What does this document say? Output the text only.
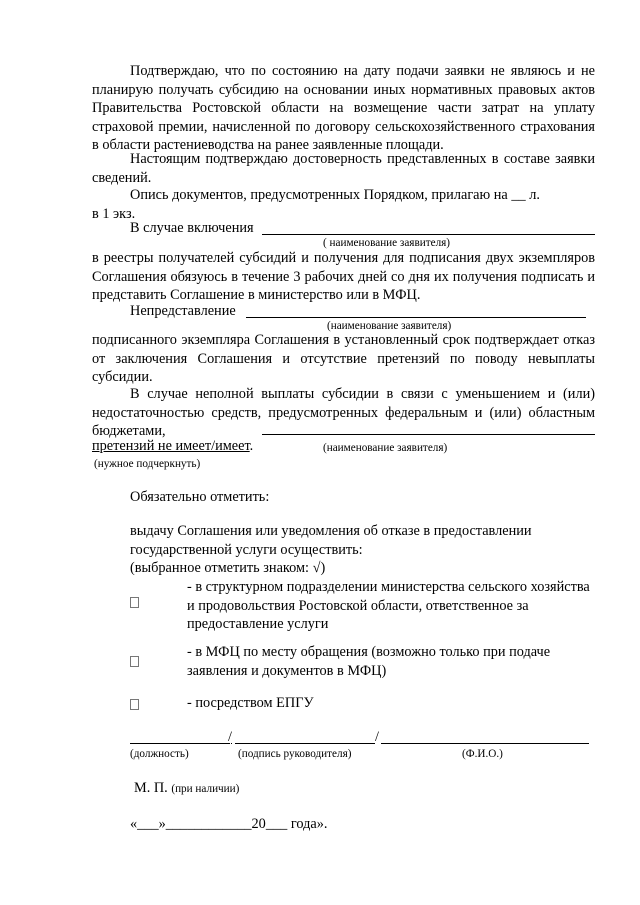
Подтверждаю, что по состоянию на дату подачи заявки не являюсь и не планирую получать субсидию на основании иных нормативных правовых актов Правительства Ростовской области на возмещение части затрат на уплату страховой премии, начисленной по договору сельскохозяйственного страхования в области растениеводства на ранее заявленные площади.

Настоящим подтверждаю достоверность представленных в составе заявки сведений.

Опись документов, предусмотренных Порядком, прилагаю на __ л.

в 1 экз.

В случае включения

( наименование заявителя)

в реестры получателей субсидий и получения для подписания двух экземпляров Соглашения обязуюсь в течение 3 рабочих дней со дня их получения подписать и представить Соглашение в министерство или в МФЦ.

Непредставление

(наименование заявителя)

подписанного экземпляра Соглашения в установленный срок подтверждает отказ от заключения Соглашения и отсутствие претензий по поводу невыплаты субсидии.

В случае неполной выплаты субсидии в связи с уменьшением и (или) недостаточностью средств, предусмотренных федеральным и (или) областным бюджетами,

претензий не имеет/имеет.	(наименование заявителя)

(нужное подчеркнуть)

Обязательно отметить:

выдачу Соглашения или уведомления об отказе в предоставлении государственной услуги осуществить:

(выбранное отметить знаком: √)

- в структурном подразделении министерства сельского хозяйства и продовольствия Ростовской области, ответственное за предоставление услуги

- в МФЦ по месту обращения (возможно только при подаче заявления и документов в МФЦ)

- посредством ЕПГУ

/	/

(должность)	(подпись руководителя)	(Ф.И.О.)

М. П. (при наличии)

«___»____________20___ года».
